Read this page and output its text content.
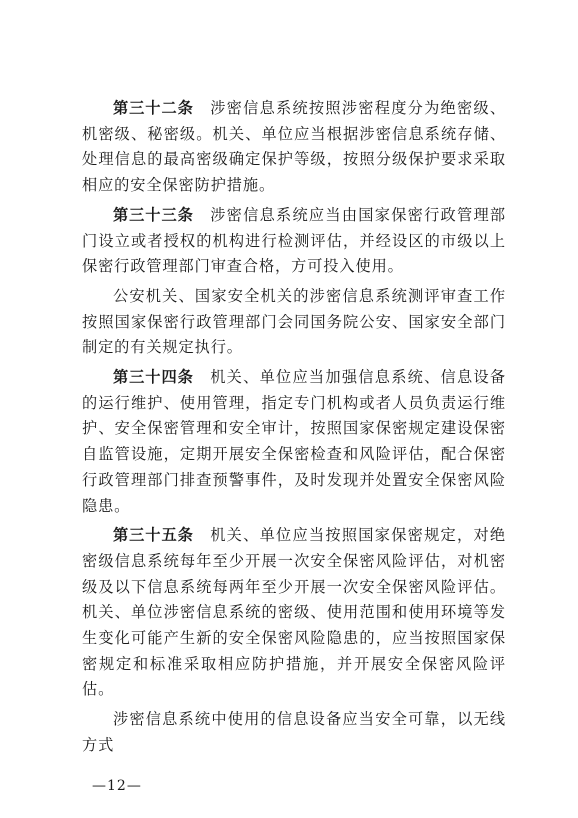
第三十二条　涉密信息系统按照涉密程度分为绝密级、机密级、秘密级。机关、单位应当根据涉密信息系统存储、处理信息的最高密级确定保护等级，按照分级保护要求采取相应的安全保密防护措施。

第三十三条　涉密信息系统应当由国家保密行政管理部门设立或者授权的机构进行检测评估，并经设区的市级以上保密行政管理部门审查合格，方可投入使用。

公安机关、国家安全机关的涉密信息系统测评审查工作按照国家保密行政管理部门会同国务院公安、国家安全部门制定的有关规定执行。

第三十四条　机关、单位应当加强信息系统、信息设备的运行维护、使用管理，指定专门机构或者人员负责运行维护、安全保密管理和安全审计，按照国家保密规定建设保密自监管设施，定期开展安全保密检查和风险评估，配合保密行政管理部门排查预警事件，及时发现并处置安全保密风险隐患。

第三十五条　机关、单位应当按照国家保密规定，对绝密级信息系统每年至少开展一次安全保密风险评估，对机密级及以下信息系统每两年至少开展一次安全保密风险评估。机关、单位涉密信息系统的密级、使用范围和使用环境等发生变化可能产生新的安全保密风险隐患的，应当按照国家保密规定和标准采取相应防护措施，并开展安全保密风险评估。

涉密信息系统中使用的信息设备应当安全可靠，以无线方式

—12—
